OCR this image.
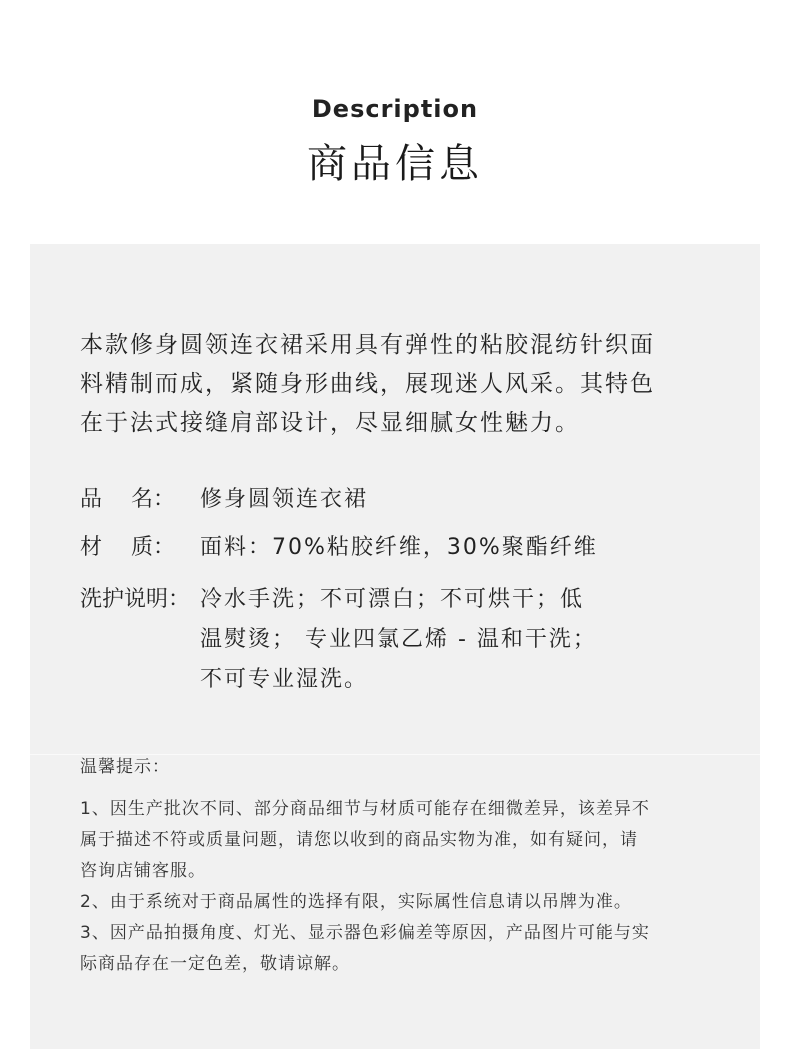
Description
商品信息
本款修身圆领连衣裙采用具有弹性的粘胶混纺针织面
料精制而成，紧随身形曲线，展现迷人风采。其特色
在于法式接缝肩部设计，尽显细腻女性魅力。
品　 名：	修身圆领连衣裙
材　 质：	面料：70%粘胶纤维，30%聚酯纤维
洗护说明： 冷水手洗；不可漂白；不可烘干；低
温熨烫； 专业四氯乙烯 - 温和干洗；
不可专业湿洗。
温馨提示：
1、因生产批次不同、部分商品细节与材质可能存在细微差异，该差异不
属于描述不符或质量问题，请您以收到的商品实物为准，如有疑问，请
咨询店铺客服。
2、由于系统对于商品属性的选择有限，实际属性信息请以吊牌为准。
3、因产品拍摄角度、灯光、显示器色彩偏差等原因，产品图片可能与实
际商品存在一定色差，敬请谅解。
